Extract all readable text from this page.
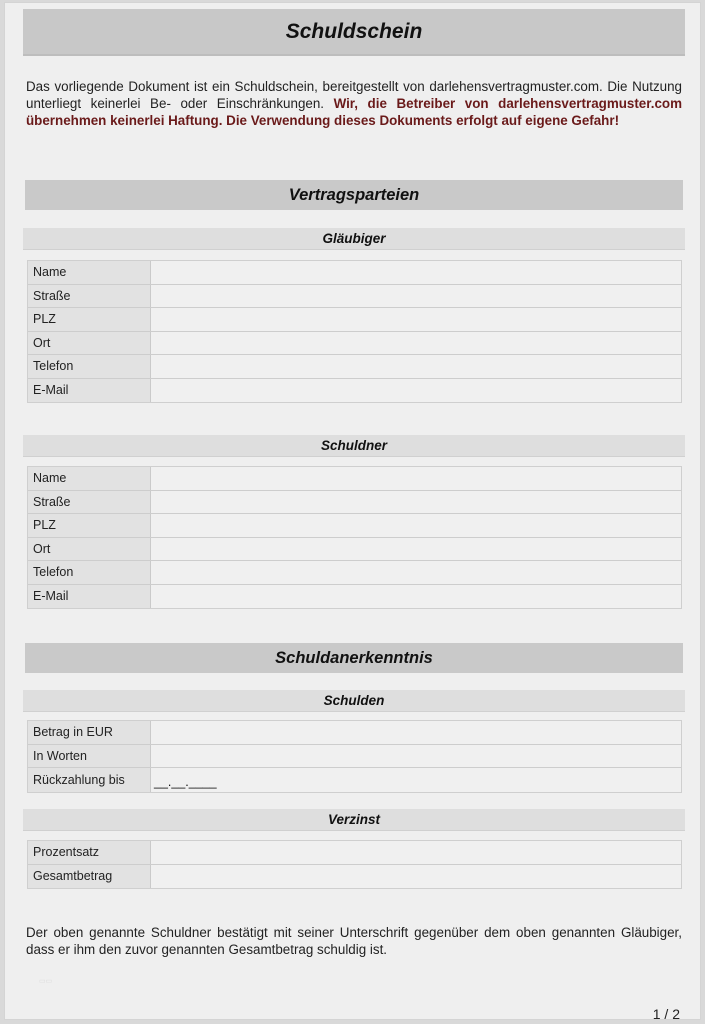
Schuldschein
Das vorliegende Dokument ist ein Schuldschein, bereitgestellt von darlehensvertragmuster.com. Die Nutzung unterliegt keinerlei Be- oder Einschränkungen. Wir, die Betreiber von darlehensvertragmuster.com übernehmen keinerlei Haftung. Die Verwendung dieses Dokuments erfolgt auf eigene Gefahr!
Vertragsparteien
Gläubiger
Name
Straße
PLZ
Ort
Telefon
E-Mail
Schuldner
Name
Straße
PLZ
Ort
Telefon
E-Mail
Schuldanerkenntnis
Schulden
Betrag in EUR
In Worten
Rückzahlung bis	__.__.____
Verzinst
Prozentsatz
Gesamtbetrag
Der oben genannte Schuldner bestätigt mit seiner Unterschrift gegenüber dem oben genannten Gläubiger, dass er ihm den zuvor genannten Gesamtbetrag schuldig ist.
▭▭
1 / 2
